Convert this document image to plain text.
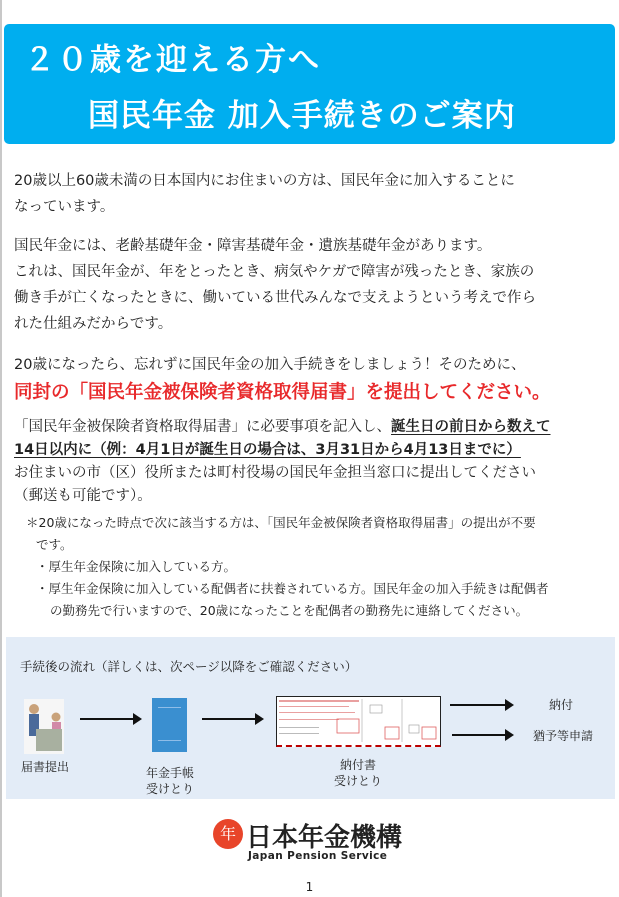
２０歳を迎える方へ
国民年金 加入手続きのご案内
20歳以上60歳未満の日本国内にお住まいの方は、国民年金に加入することに
なっています。
国民年金には、老齢基礎年金・障害基礎年金・遺族基礎年金があります。
これは、国民年金が、年をとったとき、病気やケガで障害が残ったとき、家族の
働き手が亡くなったときに、働いている世代みんなで支えようという考えで作ら
れた仕組みだからです。
20歳になったら、忘れずに国民年金の加入手続きをしましょう！そのために、
同封の「国民年金被保険者資格取得届書」を提出してください。
「国民年金被保険者資格取得届書」に必要事項を記入し、誕生日の前日から数えて
14日以内に（例：4月1日が誕生日の場合は、3月31日から4月13日までに）
お住まいの市（区）役所または町村役場の国民年金担当窓口に提出してください
（郵送も可能です）。
＊20歳になった時点で次に該当する方は、「国民年金被保険者資格取得届書」の提出が不要
です。
・厚生年金保険に加入している方。
・厚生年金保険に加入している配偶者に扶養されている方。国民年金の加入手続きは配偶者
の勤務先で行いますので、20歳になったことを配偶者の勤務先に連絡してください。
手続後の流れ（詳しくは、次ページ以降をご確認ください）
届書提出	年金手帳
受けとり
納付書
受けとり
納付
猶予等申請
年 日本年金機構
Japan Pension Service
1
